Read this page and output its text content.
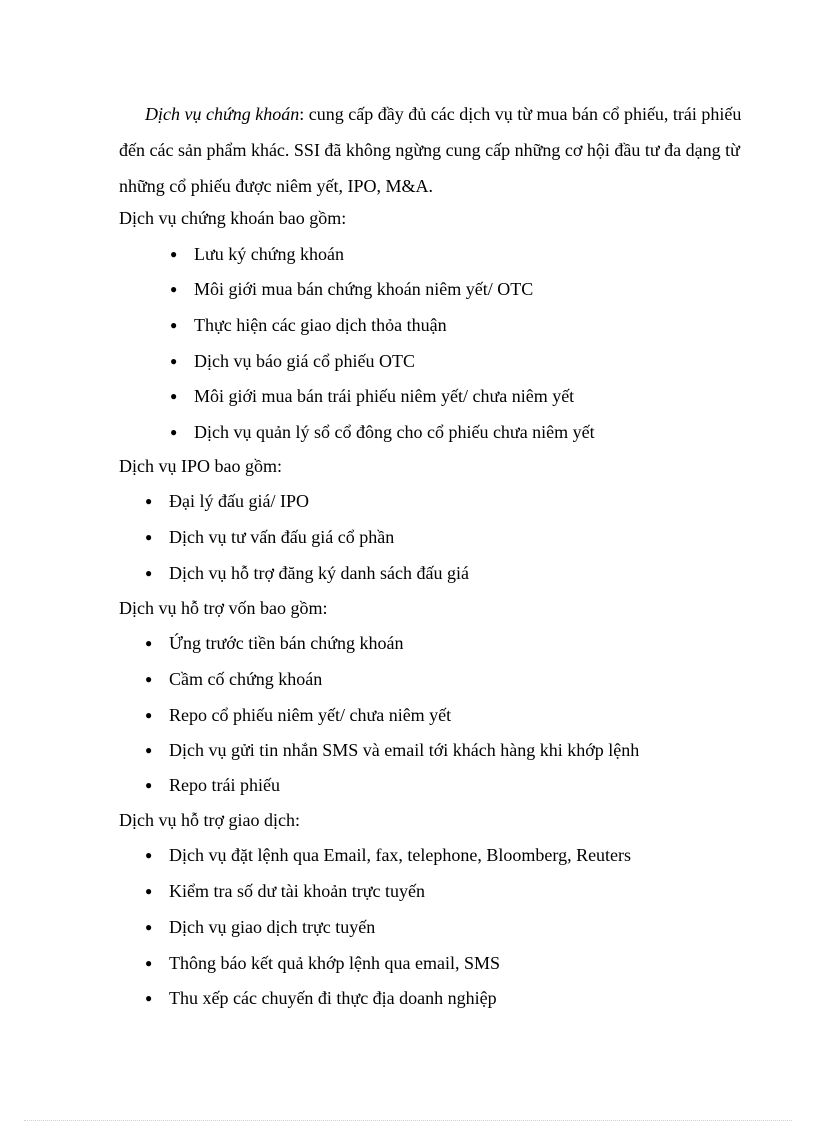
Dịch vụ chứng khoán: cung cấp đầy đủ các dịch vụ từ mua bán cổ phiếu, trái phiếu đến các sản phẩm khác. SSI đã không ngừng cung cấp những cơ hội đầu tư đa dạng từ những cổ phiếu được niêm yết, IPO, M&A.

Dịch vụ chứng khoán bao gồm:

● Lưu ký chứng khoán
● Môi giới mua bán chứng khoán niêm yết/ OTC
● Thực hiện các giao dịch thỏa thuận
● Dịch vụ báo giá cổ phiếu OTC
● Môi giới mua bán trái phiếu niêm yết/ chưa niêm yết
● Dịch vụ quản lý sổ cổ đông cho cổ phiếu chưa niêm yết

Dịch vụ IPO bao gồm:

● Đại lý đấu giá/ IPO
● Dịch vụ tư vấn đấu giá cổ phần
● Dịch vụ hỗ trợ đăng ký danh sách đấu giá

Dịch vụ hỗ trợ vốn bao gồm:

● Ứng trước tiền bán chứng khoán
● Cầm cố chứng khoán
● Repo cổ phiếu niêm yết/ chưa niêm yết
● Dịch vụ gửi tin nhắn SMS và email tới khách hàng khi khớp lệnh
● Repo trái phiếu

Dịch vụ hỗ trợ giao dịch:

● Dịch vụ đặt lệnh qua Email, fax, telephone, Bloomberg, Reuters
● Kiểm tra số dư tài khoản trực tuyến
● Dịch vụ giao dịch trực tuyến
● Thông báo kết quả khớp lệnh qua email, SMS
● Thu xếp các chuyến đi thực địa doanh nghiệp
